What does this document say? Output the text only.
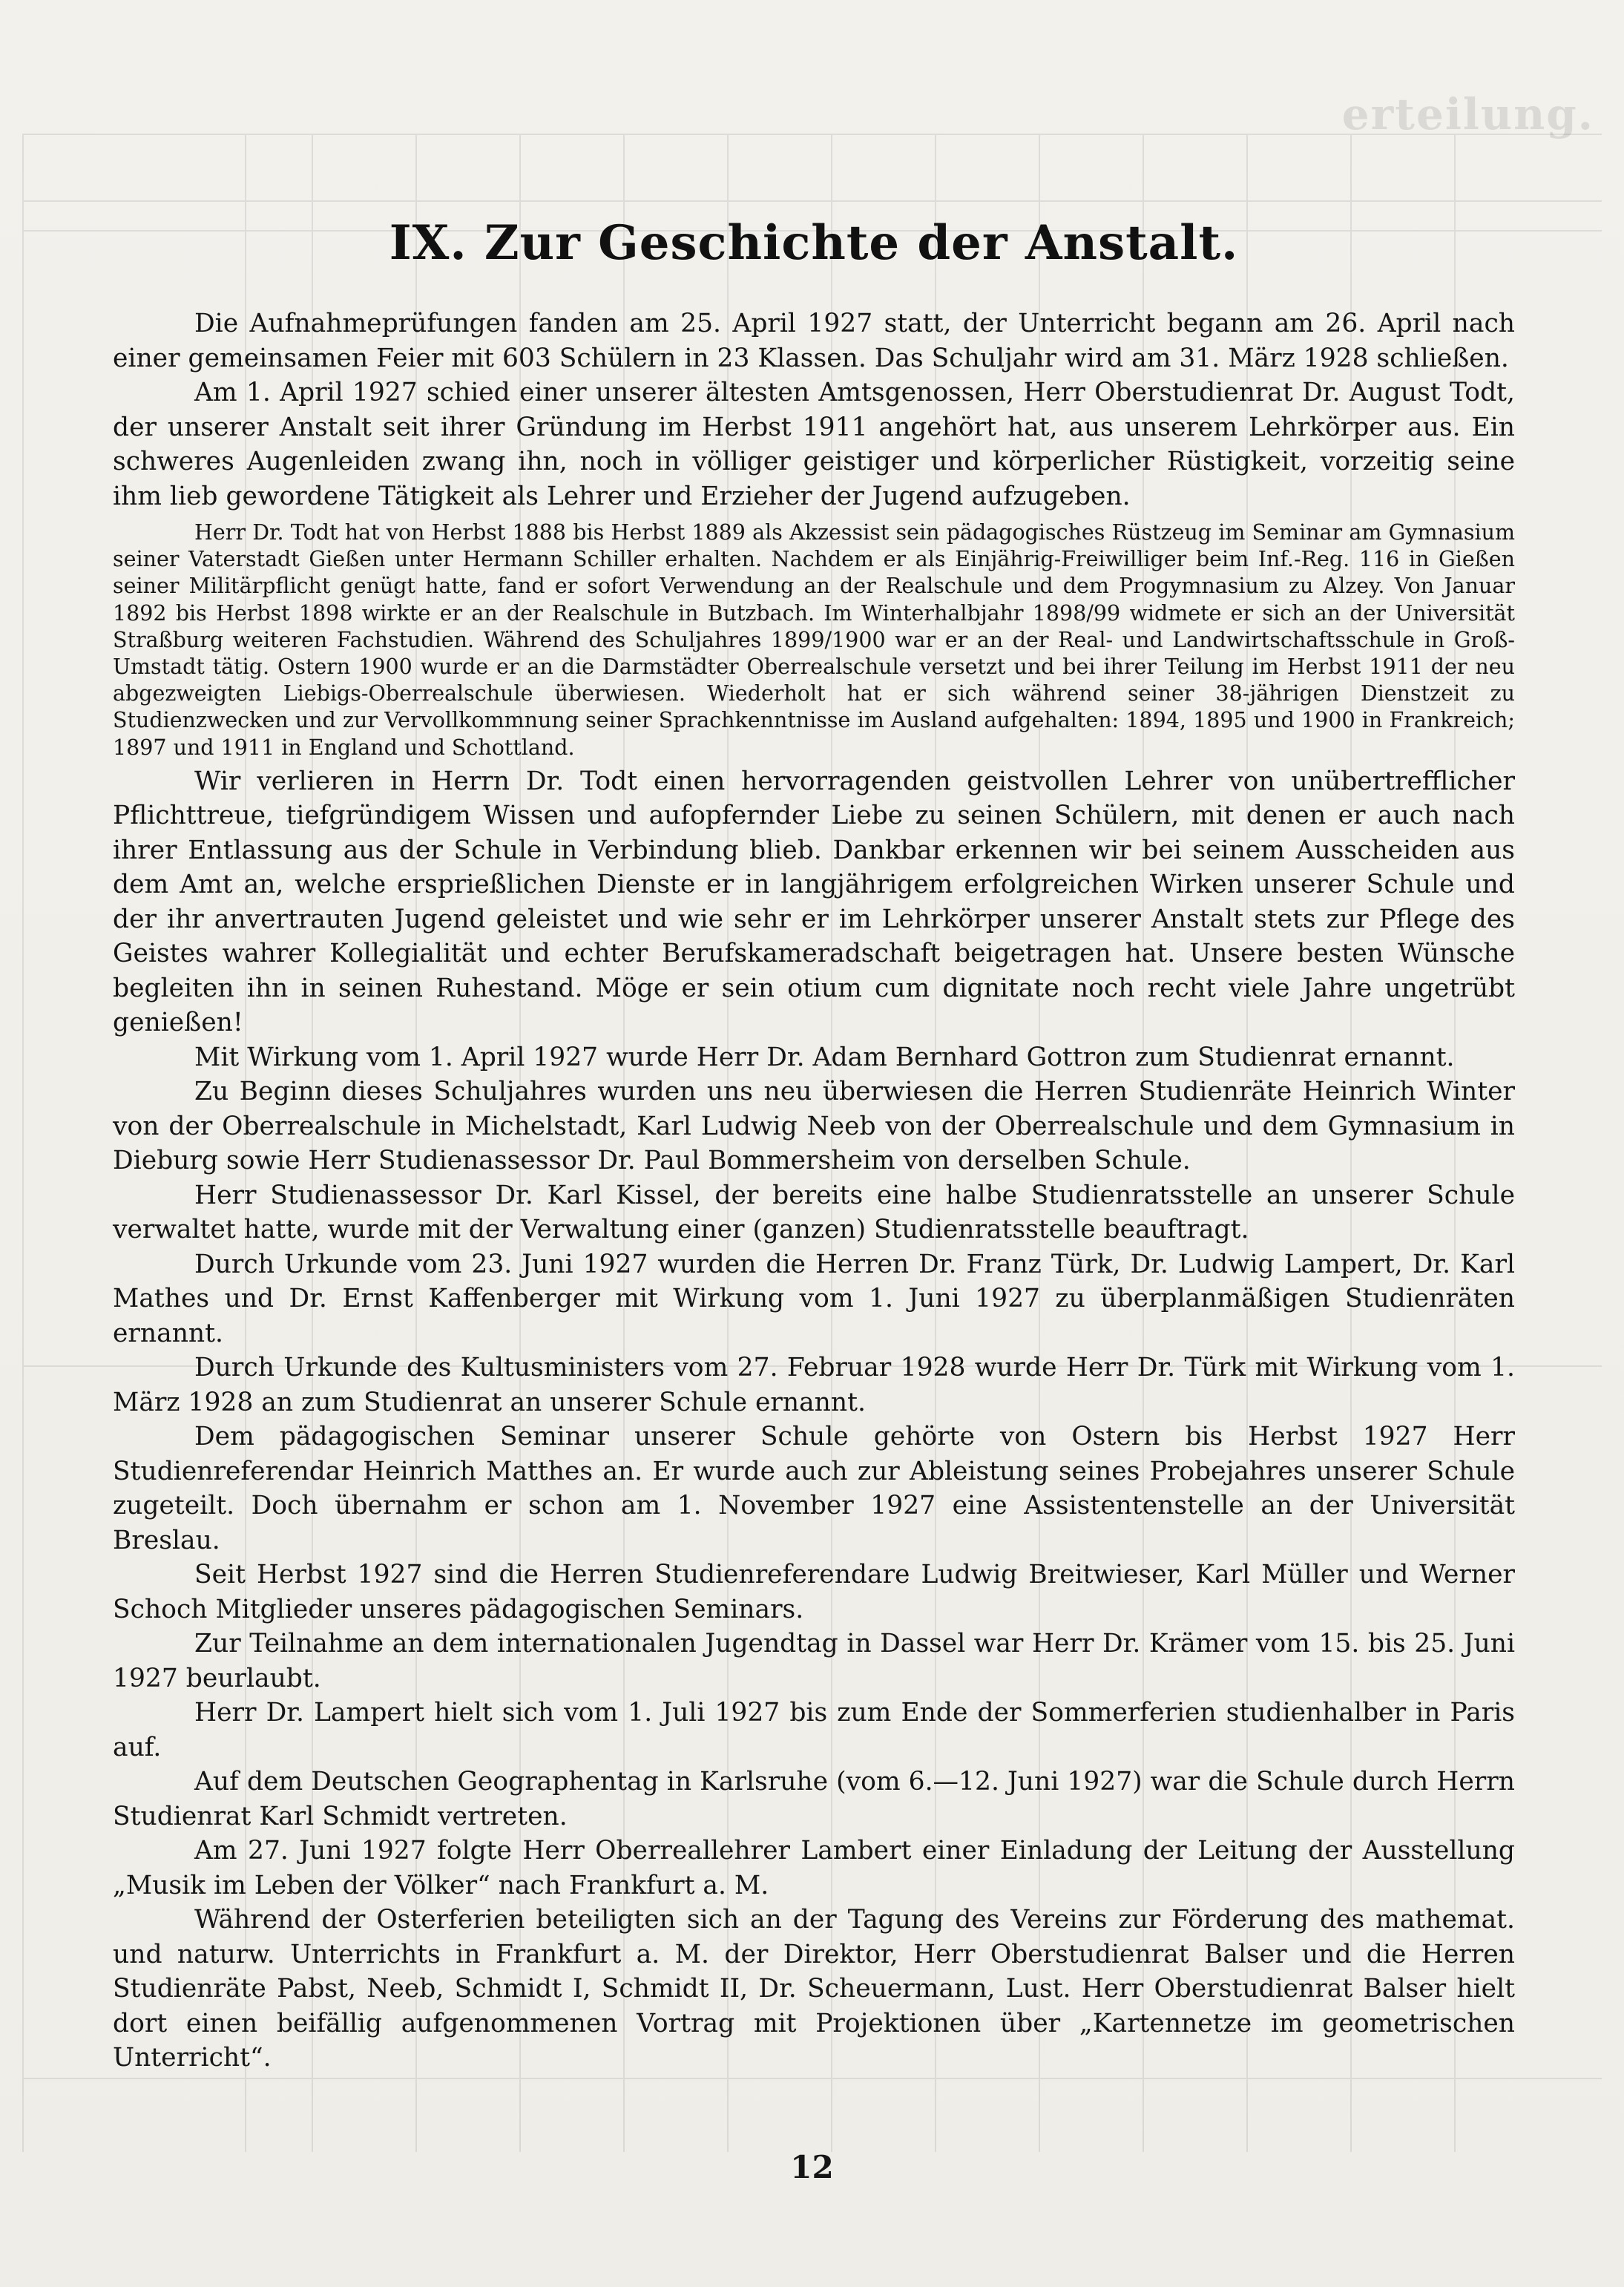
erteilung.
IX. Zur Geschichte der Anstalt.

Die Aufnahmeprüfungen fanden am 25. April 1927 statt, der Unterricht begann am 26. April nach einer gemeinsamen Feier mit 603 Schülern in 23 Klassen. Das Schuljahr wird am 31. März 1928 schließen.

Am 1. April 1927 schied einer unserer ältesten Amtsgenossen, Herr Oberstudienrat Dr. August Todt, der unserer Anstalt seit ihrer Gründung im Herbst 1911 angehört hat, aus unserem Lehrkörper aus. Ein schweres Augenleiden zwang ihn, noch in völliger geistiger und körperlicher Rüstigkeit, vorzeitig seine ihm lieb gewordene Tätigkeit als Lehrer und Erzieher der Jugend aufzugeben.

Herr Dr. Todt hat von Herbst 1888 bis Herbst 1889 als Akzessist sein pädagogisches Rüstzeug im Seminar am Gymnasium seiner Vaterstadt Gießen unter Hermann Schiller erhalten. Nachdem er als Einjährig-Freiwilliger beim Inf.-Reg. 116 in Gießen seiner Militärpflicht genügt hatte, fand er sofort Verwendung an der Realschule und dem Progymnasium zu Alzey. Von Januar 1892 bis Herbst 1898 wirkte er an der Realschule in Butzbach. Im Winterhalbjahr 1898/99 widmete er sich an der Universität Straßburg weiteren Fachstudien. Während des Schuljahres 1899/1900 war er an der Real- und Landwirtschaftsschule in Groß-Umstadt tätig. Ostern 1900 wurde er an die Darmstädter Oberrealschule versetzt und bei ihrer Teilung im Herbst 1911 der neu abgezweigten Liebigs-Oberrealschule überwiesen. Wiederholt hat er sich während seiner 38-jährigen Dienstzeit zu Studienzwecken und zur Vervollkommnung seiner Sprachkenntnisse im Ausland aufgehalten: 1894, 1895 und 1900 in Frankreich; 1897 und 1911 in England und Schottland.

Wir verlieren in Herrn Dr. Todt einen hervorragenden geistvollen Lehrer von unübertrefflicher Pflichttreue, tiefgründigem Wissen und aufopfernder Liebe zu seinen Schülern, mit denen er auch nach ihrer Entlassung aus der Schule in Verbindung blieb. Dankbar erkennen wir bei seinem Ausscheiden aus dem Amt an, welche ersprießlichen Dienste er in langjährigem erfolgreichen Wirken unserer Schule und der ihr anvertrauten Jugend geleistet und wie sehr er im Lehrkörper unserer Anstalt stets zur Pflege des Geistes wahrer Kollegialität und echter Berufskameradschaft beigetragen hat. Unsere besten Wünsche begleiten ihn in seinen Ruhestand. Möge er sein otium cum dignitate noch recht viele Jahre ungetrübt genießen!

Mit Wirkung vom 1. April 1927 wurde Herr Dr. Adam Bernhard Gottron zum Studienrat ernannt.

Zu Beginn dieses Schuljahres wurden uns neu überwiesen die Herren Studienräte Heinrich Winter von der Oberrealschule in Michelstadt, Karl Ludwig Neeb von der Oberrealschule und dem Gymnasium in Dieburg sowie Herr Studienassessor Dr. Paul Bommersheim von derselben Schule.

Herr Studienassessor Dr. Karl Kissel, der bereits eine halbe Studienratsstelle an unserer Schule verwaltet hatte, wurde mit der Verwaltung einer (ganzen) Studienratsstelle beauftragt.

Durch Urkunde vom 23. Juni 1927 wurden die Herren Dr. Franz Türk, Dr. Ludwig Lampert, Dr. Karl Mathes und Dr. Ernst Kaffenberger mit Wirkung vom 1. Juni 1927 zu überplanmäßigen Studienräten ernannt.

Durch Urkunde des Kultusministers vom 27. Februar 1928 wurde Herr Dr. Türk mit Wirkung vom 1. März 1928 an zum Studienrat an unserer Schule ernannt.

Dem pädagogischen Seminar unserer Schule gehörte von Ostern bis Herbst 1927 Herr Studienreferendar Heinrich Matthes an. Er wurde auch zur Ableistung seines Probejahres unserer Schule zugeteilt. Doch übernahm er schon am 1. November 1927 eine Assistentenstelle an der Universität Breslau.

Seit Herbst 1927 sind die Herren Studienreferendare Ludwig Breitwieser, Karl Müller und Werner Schoch Mitglieder unseres pädagogischen Seminars.

Zur Teilnahme an dem internationalen Jugendtag in Dassel war Herr Dr. Krämer vom 15. bis 25. Juni 1927 beurlaubt.

Herr Dr. Lampert hielt sich vom 1. Juli 1927 bis zum Ende der Sommerferien studienhalber in Paris auf.

Auf dem Deutschen Geographentag in Karlsruhe (vom 6.—12. Juni 1927) war die Schule durch Herrn Studienrat Karl Schmidt vertreten.

Am 27. Juni 1927 folgte Herr Oberreallehrer Lambert einer Einladung der Leitung der Ausstellung „Musik im Leben der Völker“ nach Frankfurt a. M.

Während der Osterferien beteiligten sich an der Tagung des Vereins zur Förderung des mathemat. und naturw. Unterrichts in Frankfurt a. M. der Direktor, Herr Oberstudienrat Balser und die Herren Studienräte Pabst, Neeb, Schmidt I, Schmidt II, Dr. Scheuermann, Lust. Herr Oberstudienrat Balser hielt dort einen beifällig aufgenommenen Vortrag mit Projektionen über „Kartennetze im geometrischen Unterricht“.

12
